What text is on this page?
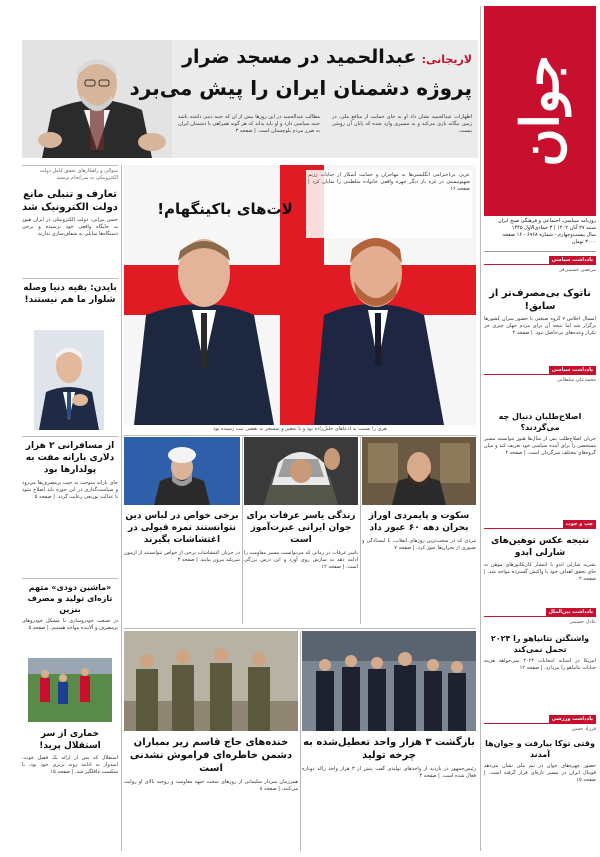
جوان
روزنامه سیاسی، اجتماعی و فرهنگی صبح ایران
شنبه ۲۷ آبان ۱۴۰۲ | ۳ جمادی‌الاول ۱۴۴۵
سال بیست‌وچهارم - شماره ۶۹۶۸ - ۱۶ صفحه
۳۰۰۰ تومان
یادداشت سیاسی
مرتضی حسینی‌فر
ناتوک بی‌مصرف‌تر از سابق!
امسال اجلاس ۷ گروه صنعتی با حضور سران کشورها برگزار شد اما نتیجه آن برای مردم جهان چیزی جز تکرار وعده‌های بی‌حاصل نبود. | صفحه ۲
یادداشت سیاسی
محمدعلی سلطانی
اصلاح‌طلبان دنبال چه می‌گردند؟
جریان اصلاح‌طلب پس از سال‌ها هنوز نتوانسته مسیر مشخصی را برای آینده سیاسی خود تعریف کند و میان گروه‌های مختلف سرگردان است. | صفحه ۲
چپ و چوب
نتیجه عکس توهین‌های شارلی ابدو
نشریه شارلی ابدو با انتشار کاریکاتورهای موهن به جای تحقق اهداف خود با واکنش گسترده مواجه شد. | صفحه ۲
یادداشت بین‌الملل
عادل حسینی
واشنگتن نتانیاهو را ۲۰۲۴ تحمل نمی‌کند
آمریکا در آستانه انتخابات ۲۰۲۴ نمی‌خواهد هزینه جنایات نتانیاهو را بپردازد. | صفحه ۱۲
یادداشت ورزشی
فرزاد حسن
وقتی توکا بیارفت و جوان‌ها آمدند
حضور چهره‌های جوان در تیم ملی نشان می‌دهد فوتبال ایران در مسیر تازه‌ای قرار گرفته است. | صفحه ۱۵
لاریجانی: عبدالحمید در مسجد ضرار
پروژه دشمنان ایران را پیش می‌برد
اظهارات عبدالحمید نشان داد او به جای حمایت از منافع ملی، در زمین بیگانه بازی می‌کند و به مسیری وارد شده که پایان آن روشن نیست.
مطالب عبدالحمید در این روزها بیش از آن که جنبه دینی داشته باشد جنبه سیاسی دارد و او باید بداند که هر گونه همراهی با دشمنان ایران به ضرر مردم بلوچستان است. | صفحه ۳
سوالی و راهکارهای تحقق کامل دولت الکترونیکی به سرانجام نرسید
تعارف و تنبلی مانع دولت الکترونیک شد
حسن بیرانی: دولت الکترونیکی در ایران هنوز به جایگاه واقعی خود نرسیده و برخی دستگاه‌ها تمایلی به شفاف‌سازی ندارند.
بایدن: بقیه دنیا وصله شلوار ما هم نیستند!
از مسافرانی ۲ هزار دلاری بارانه مفت به پولدارها بود
جای یارانه سوخت به جیب پرمصرف‌ها می‌رود و سیاست‌گذاری در این حوزه باید اصلاح شود تا عدالت توزیعی رعایت گردد. | صفحه ۵
«ماشین دودی» متهم تازه‌ای تولید و مصرف بنزین
در صنعت خودروسازی با مشکل خودروهای پرمصرف و آلاینده مواجه هستیم. | صفحه ۵
خماری از سر استقلال پرید!
استقلال که پس از ارائه یک فصل خوب، امیدوار به ادامه روند برتری خود بود، با شکست غافلگیر شد. | صفحه ۱۵
لات‌های باکینگهام!
عزیز، بی‌احترامی انگلیسی‌ها به مهاجران و حمایت آشکار از جنایات رژیم صهیونیستی در غزه بار دیگر چهره واقعی خانواده سلطنتی را نمایان کرد | صفحه ۱۶
هری را نسبت به ادعاهای جلیل‌زاده بود و با تحقیر و تمسخر به بغضی نیت رسیده بود
سکوت و پایمردی اوراز بحران دهه ۶۰ عبور داد
مردی که در سخت‌ترین روزهای انقلاب، با ایستادگی و صبوری از بحران‌ها عبور کرد. | صفحه ۷
زندگی یاسر عرفات برای جوان ایرانی عبرت‌آموز است
یاسر عرفات در زمانی که می‌توانست مسیر مقاومت را ادامه دهد به سازش روی آورد و این درس بزرگی است. | صفحه ۱۲
برخی خواص در لباس دین نتوانستند نمره قبولی در اغتشاشات بگیرند
در جریان اغتشاشات برخی از خواص نتوانستند از آزمون سربلند بیرون بیایند. | صفحه ۳
بازگشت ۳ هزار واحد تعطیل‌شده به چرخه تولید
رئیس‌جمهور در بازدید از واحدهای تولیدی گفت بیش از ۳ هزار واحد راکد دوباره فعال شده است. | صفحه ۴
خنده‌های حاج قاسم زیر بمباران دشمن خاطره‌ای فراموش نشدنی است
همرزمان سردار سلیمانی از روزهای سخت جبهه مقاومت و روحیه بالای او روایت می‌کنند. | صفحه ۸
